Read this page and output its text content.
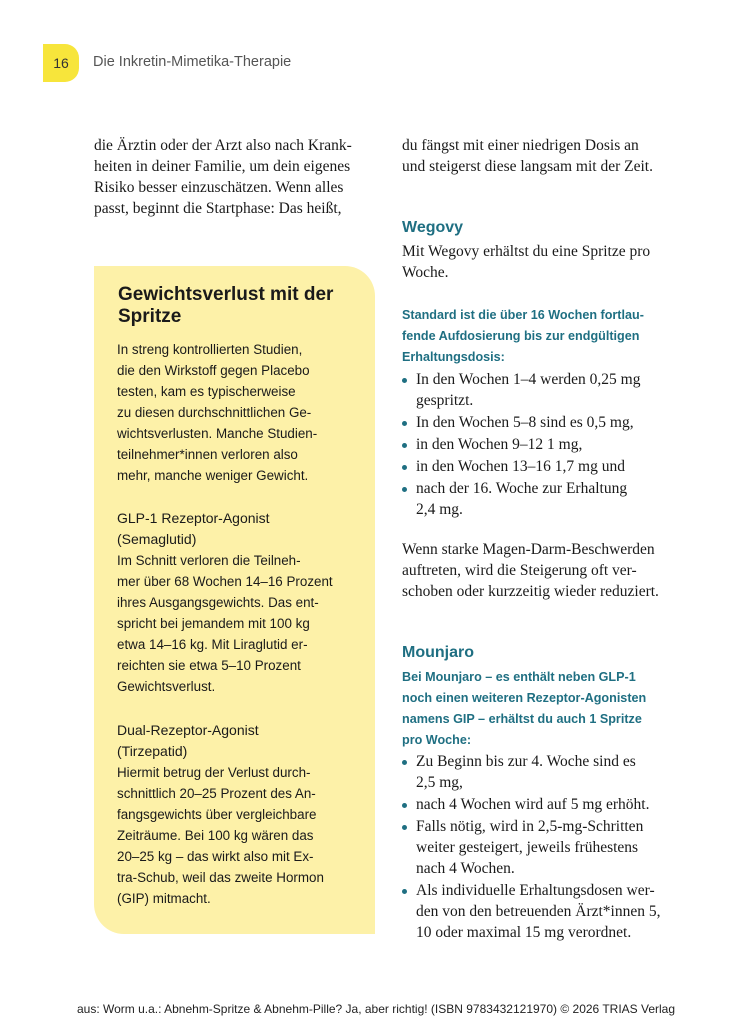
16	Die Inkretin-Mimetika-Therapie

die Ärztin oder der Arzt also nach Krank-
heiten in deiner Familie, um dein eigenes
Risiko besser einzuschätzen. Wenn alles
passt, beginnt die Startphase: Das heißt,

Gewichtsverlust mit der
Spritze

In streng kontrollierten Studien,
die den Wirkstoff gegen Placebo
testen, kam es typischerweise
zu diesen durchschnittlichen Ge-
wichtsverlusten. Manche Studien-
teilnehmer*innen verloren also
mehr, manche weniger Gewicht.

GLP-1 Rezeptor-Agonist
(Semaglutid)

Im Schnitt verloren die Teilneh-
mer über 68 Wochen 14–16 Prozent
ihres Ausgangsgewichts. Das ent-
spricht bei jemandem mit 100 kg
etwa 14–16 kg. Mit Liraglutid er-
reichten sie etwa 5–10 Prozent
Gewichtsverlust.

Dual-Rezeptor-Agonist
(Tirzepatid)

Hiermit betrug der Verlust durch-
schnittlich 20–25 Prozent des An-
fangsgewichts über vergleichbare
Zeiträume. Bei 100 kg wären das
20–25 kg – das wirkt also mit Ex-
tra-Schub, weil das zweite Hormon
(GIP) mitmacht.

du fängst mit einer niedrigen Dosis an
und steigerst diese langsam mit der Zeit.

Wegovy

Mit Wegovy erhältst du eine Spritze pro
Woche.

Standard ist die über 16 Wochen fortlau-
fende Aufdosierung bis zur endgültigen
Erhaltungsdosis:

In den Wochen 1–4 werden 0,25 mg
gespritzt.
In den Wochen 5–8 sind es 0,5 mg,
in den Wochen 9–12 1 mg,
in den Wochen 13–16 1,7 mg und
nach der 16. Woche zur Erhaltung
2,4 mg.

Wenn starke Magen-Darm-Beschwerden
auftreten, wird die Steigerung oft ver-
schoben oder kurzzeitig wieder reduziert.

Mounjaro

Bei Mounjaro – es enthält neben GLP-1
noch einen weiteren Rezeptor-Agonisten
namens GIP – erhältst du auch 1 Spritze
pro Woche:

Zu Beginn bis zur 4. Woche sind es
2,5 mg,
nach 4 Wochen wird auf 5 mg erhöht.
Falls nötig, wird in 2,5-mg-Schritten
weiter gesteigert, jeweils frühestens
nach 4 Wochen.
Als individuelle Erhaltungsdosen wer-
den von den betreuenden Ärzt*innen 5,
10 oder maximal 15 mg verordnet.
aus: Worm u.a.: Abnehm-Spritze & Abnehm-Pille? Ja, aber richtig! (ISBN 9783432121970) © 2026 TRIAS Verlag
